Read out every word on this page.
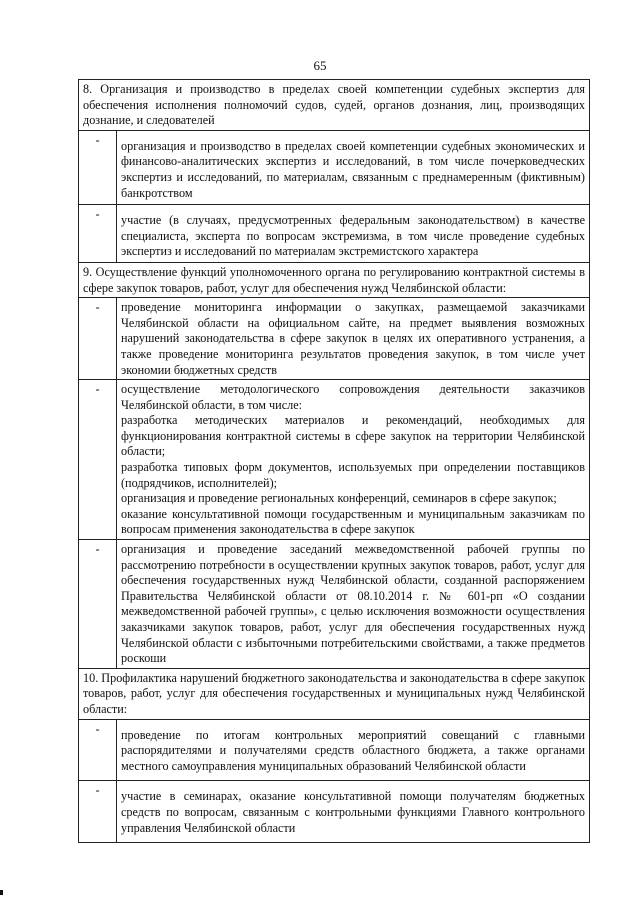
65
8. Организация и производство в пределах своей компетенции судебных экспертиз для обеспечения исполнения полномочий судов, судей, органов дознания, лиц, производящих дознание, и следователей	
-	организация и производство в пределах своей компетенции судебных экономических и финансово-аналитических экспертиз и исследований, в том числе почерковедческих экспертиз и исследований, по материалам, связанным с преднамеренным (фиктивным) банкротством

-	участие (в случаях, предусмотренных федеральным законодательством) в качестве специалиста, эксперта по вопросам экстремизма, в том числе проведение судебных экспертиз и исследований по материалам экстремистского характера

9. Осуществление функций уполномоченного органа по регулированию контрактной системы в сфере закупок товаров, работ, услуг для обеспечения нужд Челябинской области:	
-	проведение мониторинга информации о закупках, размещаемой заказчиками Челябинской области на официальном сайте, на предмет выявления возможных нарушений законодательства в сфере закупок в целях их оперативного устранения, а также проведение мониторинга результатов проведения закупок, в том числе учет экономии бюджетных средств

-	осуществление методологического сопровождения деятельности заказчиков Челябинской области, в том числе:

разработка методических материалов и рекомендаций, необходимых для функционирования контрактной системы в сфере закупок на территории Челябинской области;

разработка типовых форм документов, используемых при определении поставщиков (подрядчиков, исполнителей);

организация и проведение региональных конференций, семинаров в сфере закупок;

оказание консультативной помощи государственным и муниципальным заказчикам по вопросам применения законодательства в сфере закупок

-	организация и проведение заседаний межведомственной рабочей группы по рассмотрению потребности в осуществлении крупных закупок товаров, работ, услуг для обеспечения государственных нужд Челябинской области, созданной распоряжением Правительства Челябинской области от 08.10.2014 г. № 601-рп «О создании межведомственной рабочей группы», с целью исключения возможности осуществления заказчиками закупок товаров, работ, услуг для обеспечения государственных нужд Челябинской области с избыточными потребительскими свойствами, а также предметов роскоши

10. Профилактика нарушений бюджетного законодательства и законодательства в сфере закупок товаров, работ, услуг для обеспечения государственных и муниципальных нужд Челябинской области:	
-	проведение по итогам контрольных мероприятий совещаний с главными распорядителями и получателями средств областного бюджета, а также органами местного самоуправления муниципальных образований Челябинской области

-	участие в семинарах, оказание консультативной помощи получателям бюджетных средств по вопросам, связанным с контрольными функциями Главного контрольного управления Челябинской области
